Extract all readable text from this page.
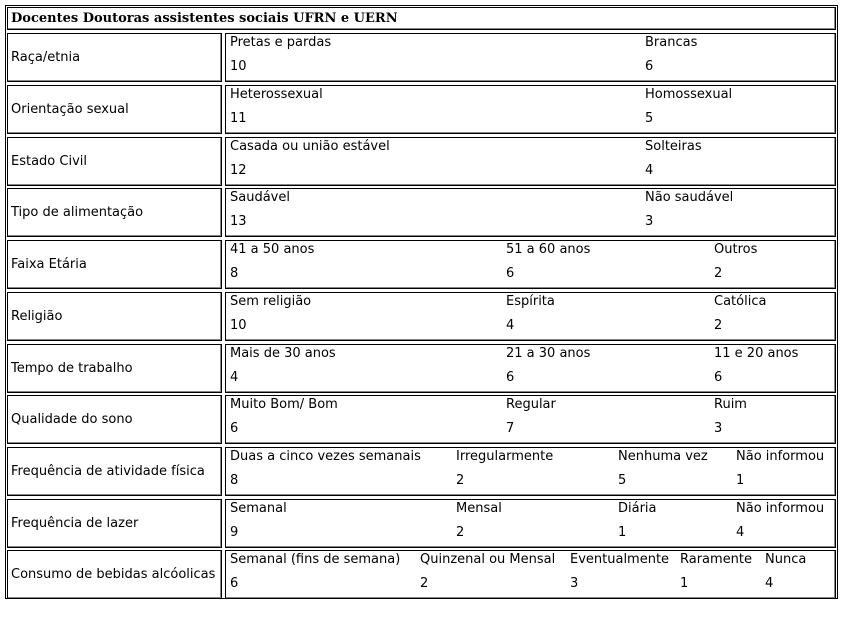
Docentes Doutoras assistentes sociais UFRN e UERN
Raça/etnia
Pretas e pardas
10
Brancas
6
Orientação sexual
Heterossexual
11
Homossexual
5
Estado Civil
Casada ou união estável
12
Solteiras
4
Tipo de alimentação
Saudável
13
Não saudável
3
Faixa Etária
41 a 50 anos
8
51 a 60 anos
6
Outros
2
Religião
Sem religião
10
Espírita
4
Católica
2
Tempo de trabalho
Mais de 30 anos
4
21 a 30 anos
6
11 e 20 anos
6
Qualidade do sono
Muito Bom/ Bom
6
Regular
7
Ruim
3
Frequência de atividade física
Duas a cinco vezes semanais
8
Irregularmente
2
Nenhuma vez
5
Não informou
1
Frequência de lazer
Semanal
9
Mensal
2
Diária
1
Não informou
4
Consumo de bebidas alcóolicas
Semanal (fins de semana)
6
Quinzenal ou Mensal
2
Eventualmente
3
Raramente
1
Nunca
4
